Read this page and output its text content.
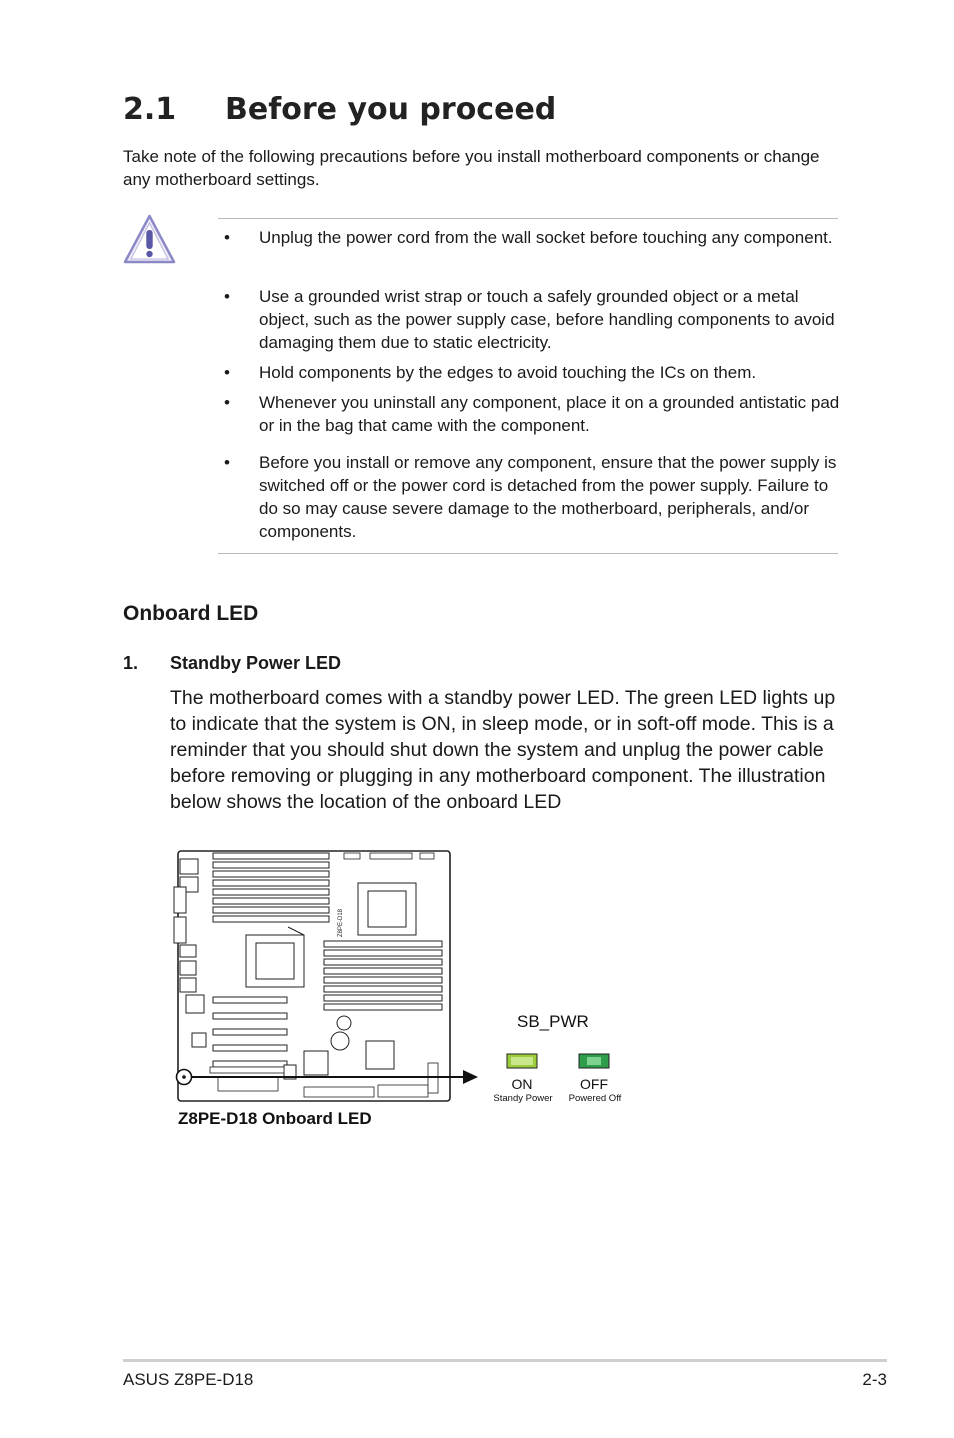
2.1 Before you proceed

Take note of the following precautions before you install motherboard components or change any motherboard settings.

• Unplug the power cord from the wall socket before touching any component.
• Use a grounded wrist strap or touch a safely grounded object or a metal object, such as the power supply case, before handling components to avoid damaging them due to static electricity.
• Hold components by the edges to avoid touching the ICs on them.
• Whenever you uninstall any component, place it on a grounded antistatic pad or in the bag that came with the component.
• Before you install or remove any component, ensure that the power supply is switched off or the power cord is detached from the power supply. Failure to do so may cause severe damage to the motherboard, peripherals, and/or components.
Onboard LED
1. Standby Power LED

The motherboard comes with a standby power LED. The green LED lights up to indicate that the system is ON, in sleep mode, or in soft-off mode. This is a reminder that you should shut down the system and unplug the power cable before removing or plugging in any motherboard component. The illustration below shows the location of the onboard LED

Z8PE-D18
SB_PWR
ON
Standy Power
OFF
Powered Off
Z8PE-D18 Onboard LED
ASUS Z8PE-D18	2-3
